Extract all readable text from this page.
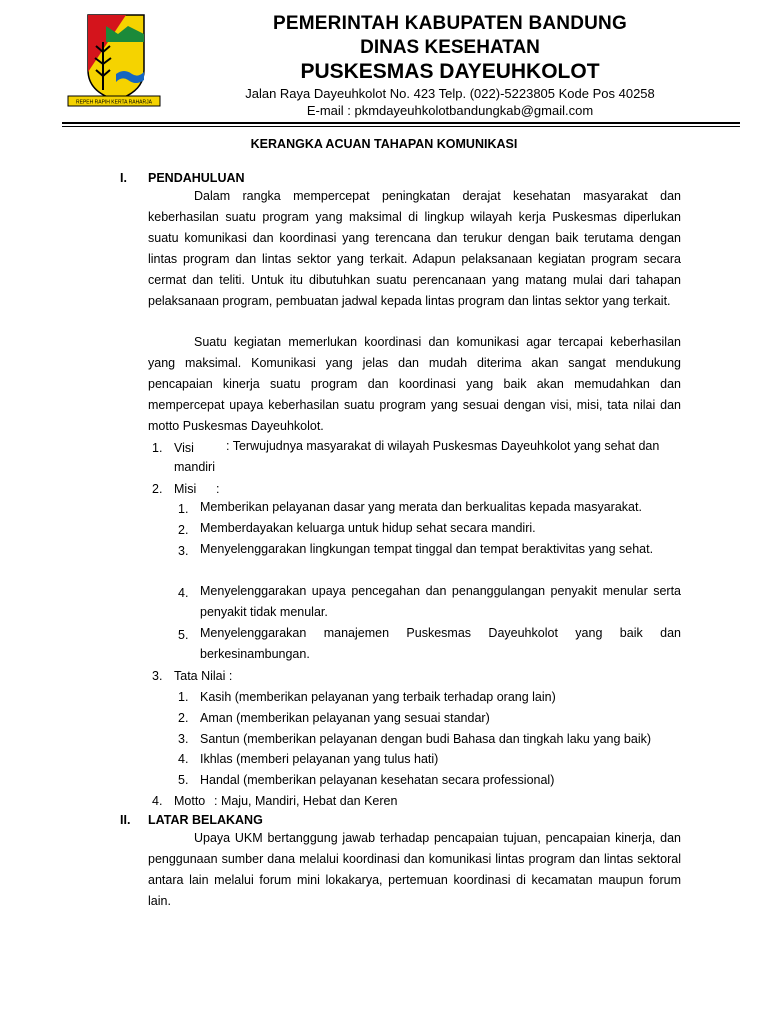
REPEH RAPIH KERTA RAHARJA
PEMERINTAH KABUPATEN BANDUNG
DINAS KESEHATAN
PUSKESMAS DAYEUHKOLOT
Jalan Raya Dayeuhkolot No. 423 Telp. (022)-5223805 Kode Pos 40258
E-mail : pkmdayeuhkolotbandungkab@gmail.com
KERANGKA ACUAN TAHAPAN KOMUNIKASI
I. PENDAHULUAN
Dalam rangka mempercepat peningkatan derajat kesehatan masyarakat dan keberhasilan suatu program yang maksimal di lingkup wilayah kerja Puskesmas diperlukan suatu komunikasi dan koordinasi yang terencana dan terukur dengan baik terutama dengan lintas program dan lintas sektor yang terkait. Adapun pelaksanaan kegiatan program secara cermat dan teliti. Untuk itu dibutuhkan suatu perencanaan yang matang mulai dari tahapan pelaksanaan program, pembuatan jadwal kepada lintas program dan lintas sektor yang terkait.
Suatu kegiatan memerlukan koordinasi dan komunikasi agar tercapai keberhasilan yang maksimal. Komunikasi yang jelas dan mudah diterima akan sangat mendukung pencapaian kinerja suatu program dan koordinasi yang baik akan memudahkan dan mempercepat upaya keberhasilan suatu program yang sesuai dengan visi, misi, tata nilai dan motto Puskesmas Dayeuhkolot.
1. Visi	: Terwujudnya masyarakat di wilayah Puskesmas Dayeuhkolot yang sehat dan mandiri
2. Misi :
1. Memberikan pelayanan dasar yang merata dan berkualitas kepada masyarakat.
2. Memberdayakan keluarga untuk hidup sehat secara mandiri.
3. Menyelenggarakan lingkungan tempat tinggal dan tempat beraktivitas yang sehat.
4. Menyelenggarakan upaya pencegahan dan penanggulangan penyakit menular serta penyakit tidak menular.
5. Menyelenggarakan manajemen Puskesmas Dayeuhkolot yang baik dan berkesinambungan.
3. Tata Nilai :
1. Kasih (memberikan pelayanan yang terbaik terhadap orang lain)
2. Aman (memberikan pelayanan yang sesuai standar)
3. Santun (memberikan pelayanan dengan budi Bahasa dan tingkah laku yang baik)
4. Ikhlas (memberi pelayanan yang tulus hati)
5. Handal (memberikan pelayanan kesehatan secara professional)
4. Motto : Maju, Mandiri, Hebat dan Keren
II. LATAR BELAKANG
Upaya UKM bertanggung jawab terhadap pencapaian tujuan, pencapaian kinerja, dan penggunaan sumber dana melalui koordinasi dan komunikasi lintas program dan lintas sektoral antara lain melalui forum mini lokakarya, pertemuan koordinasi di kecamatan maupun forum lain.
